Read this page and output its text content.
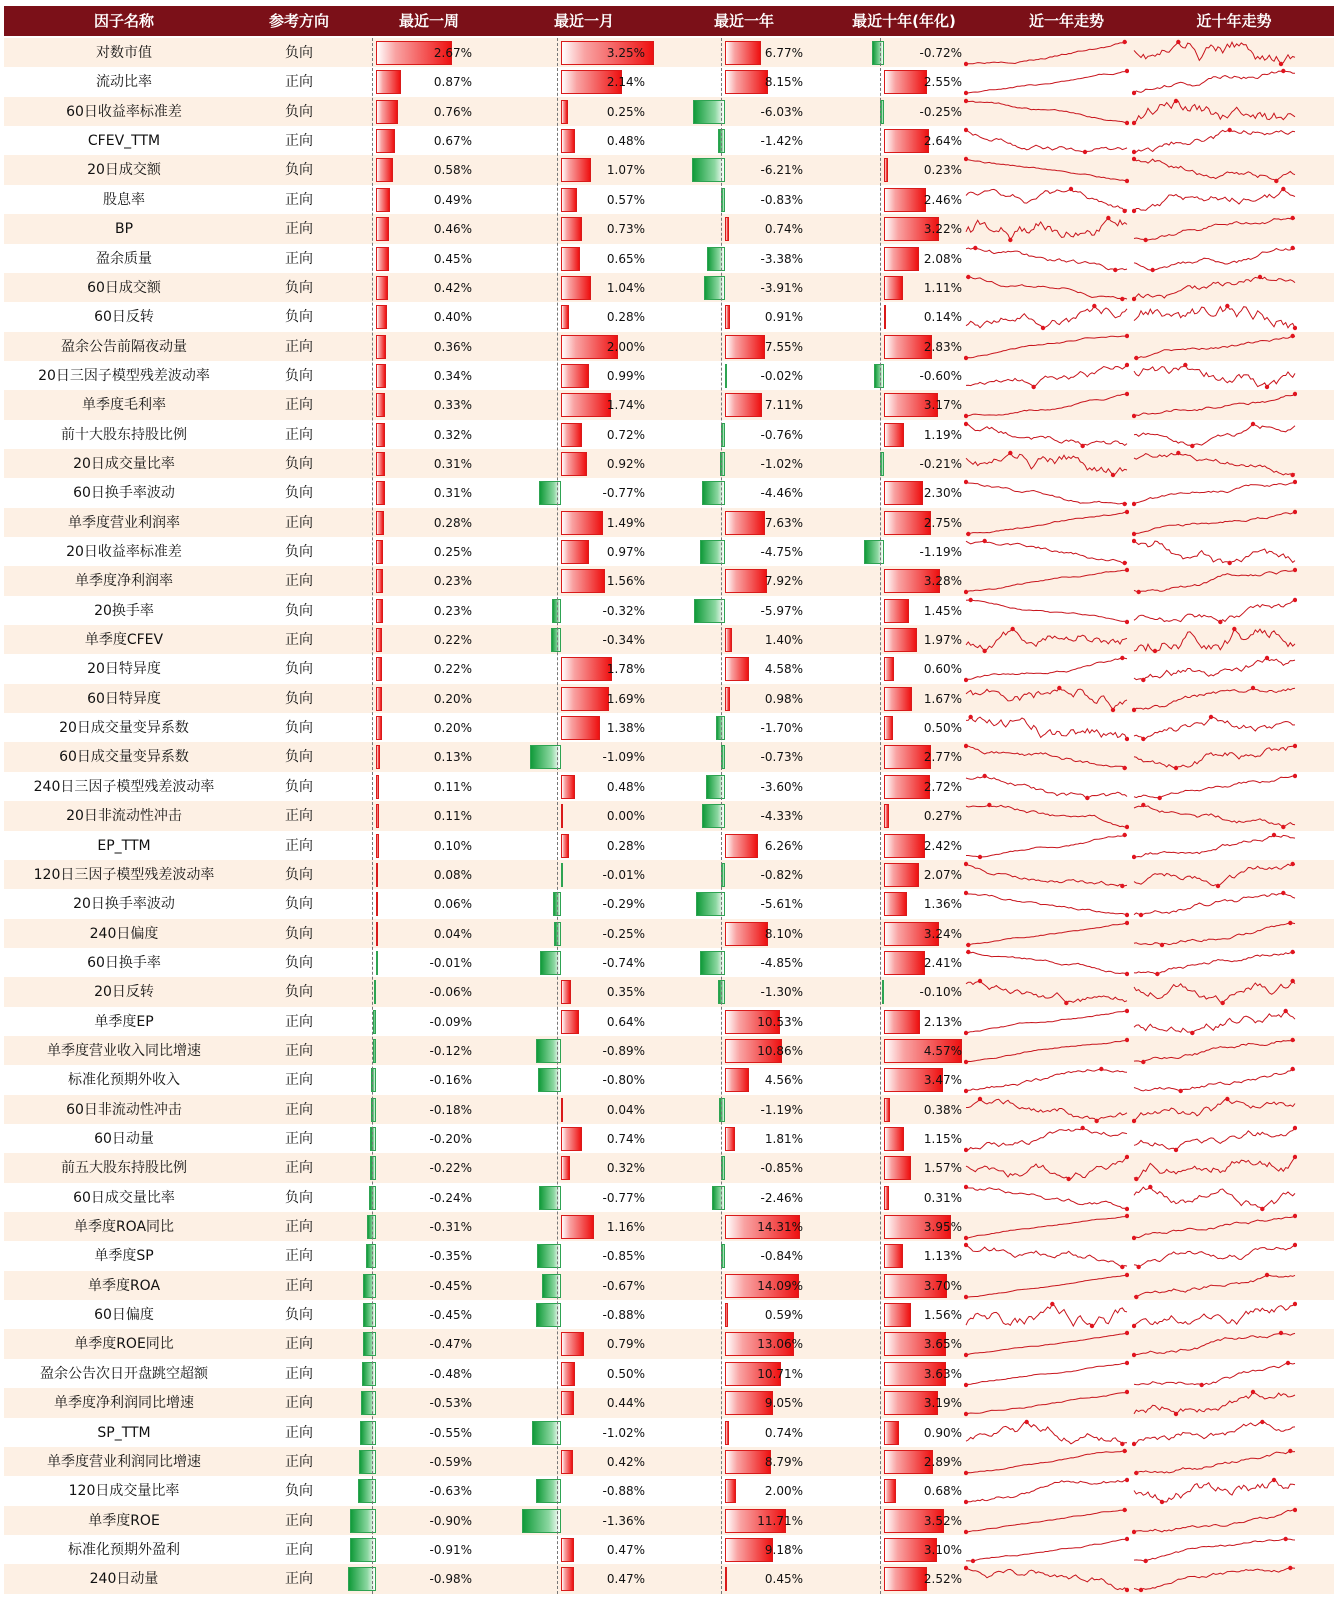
因子名称	参考方向	最近一周	最近一月	最近一年	最近十年(年化)	近一年走势	近十年走势
对数市值	负向	2.67%	3.25%	6.77%	-0.72%
流动比率	正向	0.87%	2.14%	8.15%	2.55%
60日收益率标准差	负向	0.76%	0.25%	-6.03%	-0.25%
CFEV_TTM	正向	0.67%	0.48%	-1.42%	2.64%
20日成交额	负向	0.58%	1.07%	-6.21%	0.23%
股息率	正向	0.49%	0.57%	-0.83%	2.46%
BP	正向	0.46%	0.73%	0.74%	3.22%
盈余质量	正向	0.45%	0.65%	-3.38%	2.08%
60日成交额	负向	0.42%	1.04%	-3.91%	1.11%
60日反转	负向	0.40%	0.28%	0.91%	0.14%
盈余公告前隔夜动量	正向	0.36%	2.00%	7.55%	2.83%
20日三因子模型残差波动率	负向	0.34%	0.99%	-0.02%	-0.60%
单季度毛利率	正向	0.33%	1.74%	7.11%	3.17%
前十大股东持股比例	正向	0.32%	0.72%	-0.76%	1.19%
20日成交量比率	负向	0.31%	0.92%	-1.02%	-0.21%
60日换手率波动	负向	0.31%	-0.77%	-4.46%	2.30%
单季度营业利润率	正向	0.28%	1.49%	7.63%	2.75%
20日收益率标准差	负向	0.25%	0.97%	-4.75%	-1.19%
单季度净利润率	正向	0.23%	1.56%	7.92%	3.28%
20换手率	负向	0.23%	-0.32%	-5.97%	1.45%
单季度CFEV	正向	0.22%	-0.34%	1.40%	1.97%
20日特异度	负向	0.22%	1.78%	4.58%	0.60%
60日特异度	负向	0.20%	1.69%	0.98%	1.67%
20日成交量变异系数	负向	0.20%	1.38%	-1.70%	0.50%
60日成交量变异系数	负向	0.13%	-1.09%	-0.73%	2.77%
240日三因子模型残差波动率	负向	0.11%	0.48%	-3.60%	2.72%
20日非流动性冲击	正向	0.11%	0.00%	-4.33%	0.27%
EP_TTM	正向	0.10%	0.28%	6.26%	2.42%
120日三因子模型残差波动率	负向	0.08%	-0.01%	-0.82%	2.07%
20日换手率波动	负向	0.06%	-0.29%	-5.61%	1.36%
240日偏度	负向	0.04%	-0.25%	8.10%	3.24%
60日换手率	负向	-0.01%	-0.74%	-4.85%	2.41%
20日反转	负向	-0.06%	0.35%	-1.30%	-0.10%
单季度EP	正向	-0.09%	0.64%	10.53%	2.13%
单季度营业收入同比增速	正向	-0.12%	-0.89%	10.86%	4.57%
标准化预期外收入	正向	-0.16%	-0.80%	4.56%	3.47%
60日非流动性冲击	正向	-0.18%	0.04%	-1.19%	0.38%
60日动量	正向	-0.20%	0.74%	1.81%	1.15%
前五大股东持股比例	正向	-0.22%	0.32%	-0.85%	1.57%
60日成交量比率	负向	-0.24%	-0.77%	-2.46%	0.31%
单季度ROA同比	正向	-0.31%	1.16%	14.31%	3.95%
单季度SP	正向	-0.35%	-0.85%	-0.84%	1.13%
单季度ROA	正向	-0.45%	-0.67%	14.09%	3.70%
60日偏度	负向	-0.45%	-0.88%	0.59%	1.56%
单季度ROE同比	正向	-0.47%	0.79%	13.06%	3.65%
盈余公告次日开盘跳空超额	正向	-0.48%	0.50%	10.71%	3.63%
单季度净利润同比增速	正向	-0.53%	0.44%	9.05%	3.19%
SP_TTM	正向	-0.55%	-1.02%	0.74%	0.90%
单季度营业利润同比增速	正向	-0.59%	0.42%	8.79%	2.89%
120日成交量比率	负向	-0.63%	-0.88%	2.00%	0.68%
单季度ROE	正向	-0.90%	-1.36%	11.71%	3.52%
标准化预期外盈利	正向	-0.91%	0.47%	9.18%	3.10%
240日动量	正向	-0.98%	0.47%	0.45%	2.52%
